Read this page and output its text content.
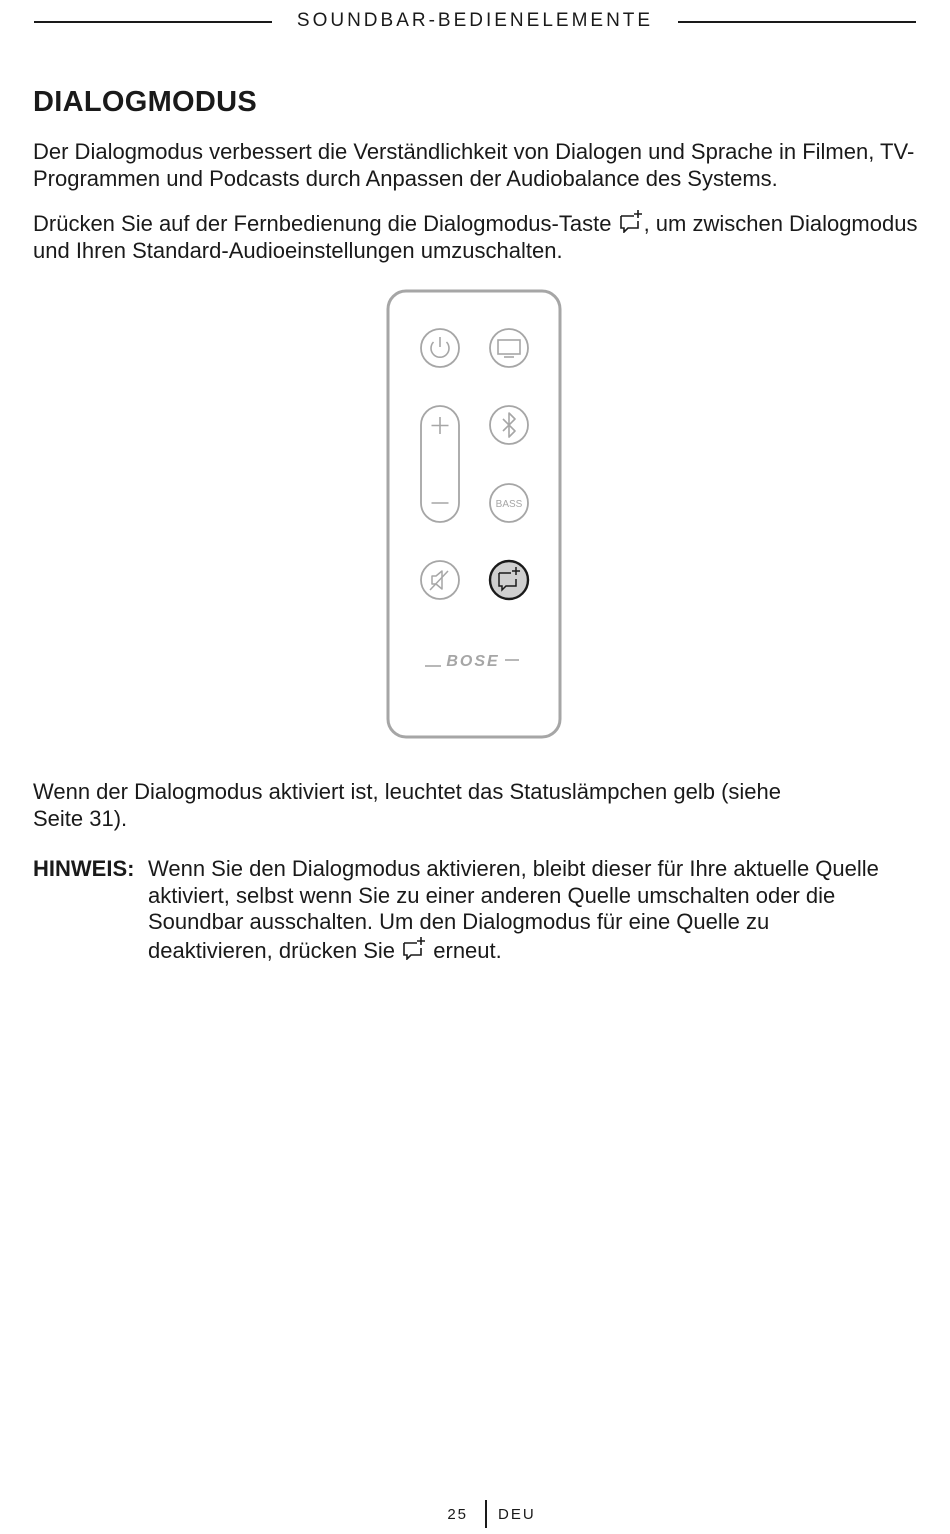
SOUNDBAR-BEDIENELEMENTE
DIALOGMODUS

Der Dialogmodus verbessert die Verständlichkeit von Dialogen und Sprache in Filmen, TV-Programmen und Podcasts durch Anpassen der Audiobalance des Systems.

Drücken Sie auf der Fernbedienung die Dialogmodus-Taste , um zwischen Dialogmodus und Ihren Standard-Audioeinstellungen umzuschalten.

BASS
BOSE

Wenn der Dialogmodus aktiviert ist, leuchtet das Statuslämpchen gelb (siehe Seite 31).

HINWEIS: Wenn Sie den Dialogmodus aktivieren, bleibt dieser für Ihre aktuelle Quelle aktiviert, selbst wenn Sie zu einer anderen Quelle umschalten oder die Soundbar ausschalten. Um den Dialogmodus für eine Quelle zu deaktivieren, drücken Sie  erneut.
25 DEU
